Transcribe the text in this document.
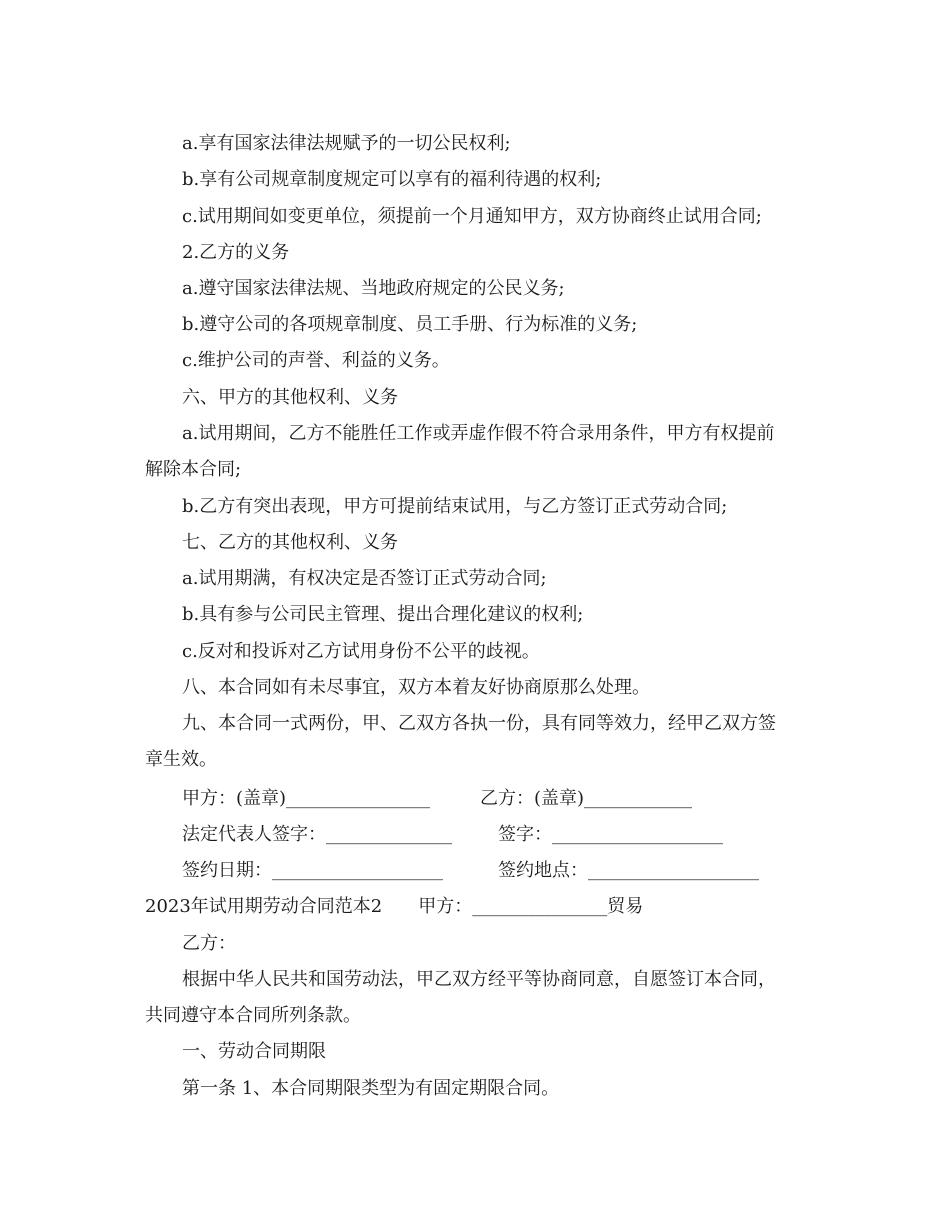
a.享有国家法律法规赋予的一切公民权利;
b.享有公司规章制度规定可以享有的福利待遇的权利;
c.试用期间如变更单位，须提前一个月通知甲方，双方协商终止试用合同;
2.乙方的义务
a.遵守国家法律法规、当地政府规定的公民义务;
b.遵守公司的各项规章制度、员工手册、行为标准的义务;
c.维护公司的声誉、利益的义务。
六、甲方的其他权利、义务
a.试用期间，乙方不能胜任工作或弄虚作假不符合录用条件，甲方有权提前
解除本合同;
b.乙方有突出表现，甲方可提前结束试用，与乙方签订正式劳动合同;
七、乙方的其他权利、义务
a.试用期满，有权决定是否签订正式劳动合同;
b.具有参与公司民主管理、提出合理化建议的权利;
c.反对和投诉对乙方试用身份不公平的歧视。
八、本合同如有未尽事宜，双方本着友好协商原那么处理。
九、本合同一式两份，甲、乙双方各执一份，具有同等效力，经甲乙双方签
章生效。
甲方：(盖章)________________	乙方：(盖章)____________
法定代表人签字：______________	签字：___________________
签约日期：___________________	签约地点：___________________
2023年试用期劳动合同范本2　　甲方：_______________贸易
乙方：
根据中华人民共和国劳动法，甲乙双方经平等协商同意，自愿签订本合同，
共同遵守本合同所列条款。
一、劳动合同期限
第一条 1、本合同期限类型为有固定期限合同。
